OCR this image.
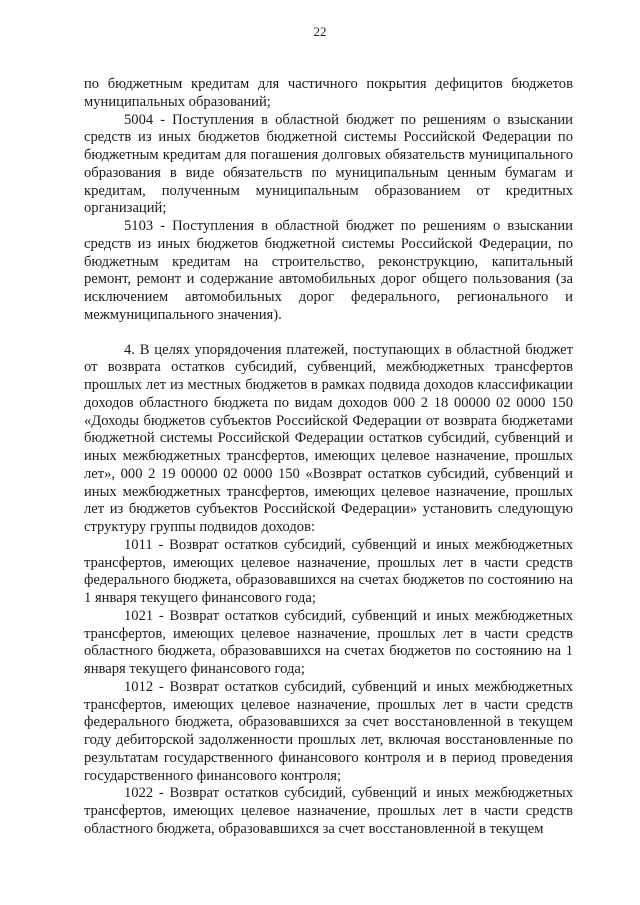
22

по бюджетным кредитам для частичного покрытия дефицитов бюджетов муниципальных образований;

5004 - Поступления в областной бюджет по решениям о взыскании средств из иных бюджетов бюджетной системы Российской Федерации по бюджетным кредитам для погашения долговых обязательств муниципального образования в виде обязательств по муниципальным ценным бумагам и кредитам, полученным муниципальным образованием от кредитных организаций;

5103 - Поступления в областной бюджет по решениям о взыскании средств из иных бюджетов бюджетной системы Российской Федерации, по бюджетным кредитам на строительство, реконструкцию, капитальный ремонт, ремонт и содержание автомобильных дорог общего пользования (за исключением автомобильных дорог федерального, регионального и межмуниципального значения).

4. В целях упорядочения платежей, поступающих в областной бюджет от возврата остатков субсидий, субвенций, межбюджетных трансфертов прошлых лет из местных бюджетов в рамках подвида доходов классификации доходов областного бюджета по видам доходов 000 2 18 00000 02 0000 150 «Доходы бюджетов субъектов Российской Федерации от возврата бюджетами бюджетной системы Российской Федерации остатков субсидий, субвенций и иных межбюджетных трансфертов, имеющих целевое назначение, прошлых лет», 000 2 19 00000 02 0000 150 «Возврат остатков субсидий, субвенций и иных межбюджетных трансфертов, имеющих целевое назначение, прошлых лет из бюджетов субъектов Российской Федерации» установить следующую структуру группы подвидов доходов:

1011 - Возврат остатков субсидий, субвенций и иных межбюджетных трансфертов, имеющих целевое назначение, прошлых лет в части средств федерального бюджета, образовавшихся на счетах бюджетов по состоянию на 1 января текущего финансового года;

1021 - Возврат остатков субсидий, субвенций и иных межбюджетных трансфертов, имеющих целевое назначение, прошлых лет в части средств областного бюджета, образовавшихся на счетах бюджетов по состоянию на 1 января текущего финансового года;

1012 - Возврат остатков субсидий, субвенций и иных межбюджетных трансфертов, имеющих целевое назначение, прошлых лет в части средств федерального бюджета, образовавшихся за счет восстановленной в текущем году дебиторской задолженности прошлых лет, включая восстановленные по результатам государственного финансового контроля и в период проведения государственного финансового контроля;

1022 - Возврат остатков субсидий, субвенций и иных межбюджетных трансфертов, имеющих целевое назначение, прошлых лет в части средств областного бюджета, образовавшихся за счет восстановленной в текущем
